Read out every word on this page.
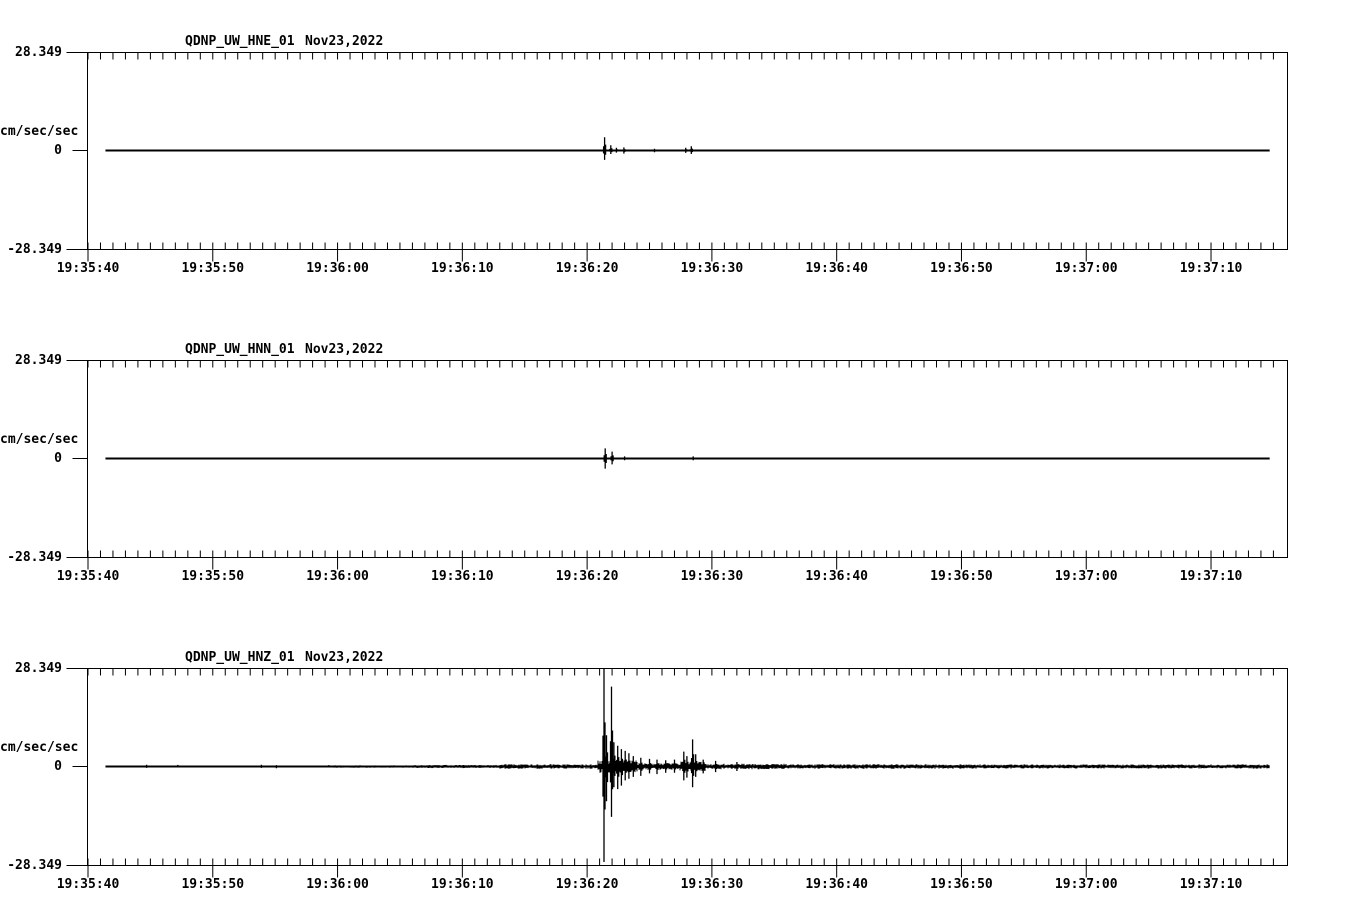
QDNP_UW_HNE_01 Nov23,2022
28.349
cm/sec/sec
0
-28.349
19:35:40	19:35:50	19:36:00	19:36:10	19:36:20	19:36:30	19:36:40	19:36:50	19:37:00	19:37:10
QDNP_UW_HNN_01 Nov23,2022
28.349
cm/sec/sec
0
-28.349
19:35:40	19:35:50	19:36:00	19:36:10	19:36:20	19:36:30	19:36:40	19:36:50	19:37:00	19:37:10
QDNP_UW_HNZ_01 Nov23,2022
28.349
cm/sec/sec
0
-28.349
19:35:40	19:35:50	19:36:00	19:36:10	19:36:20	19:36:30	19:36:40	19:36:50	19:37:00	19:37:10
